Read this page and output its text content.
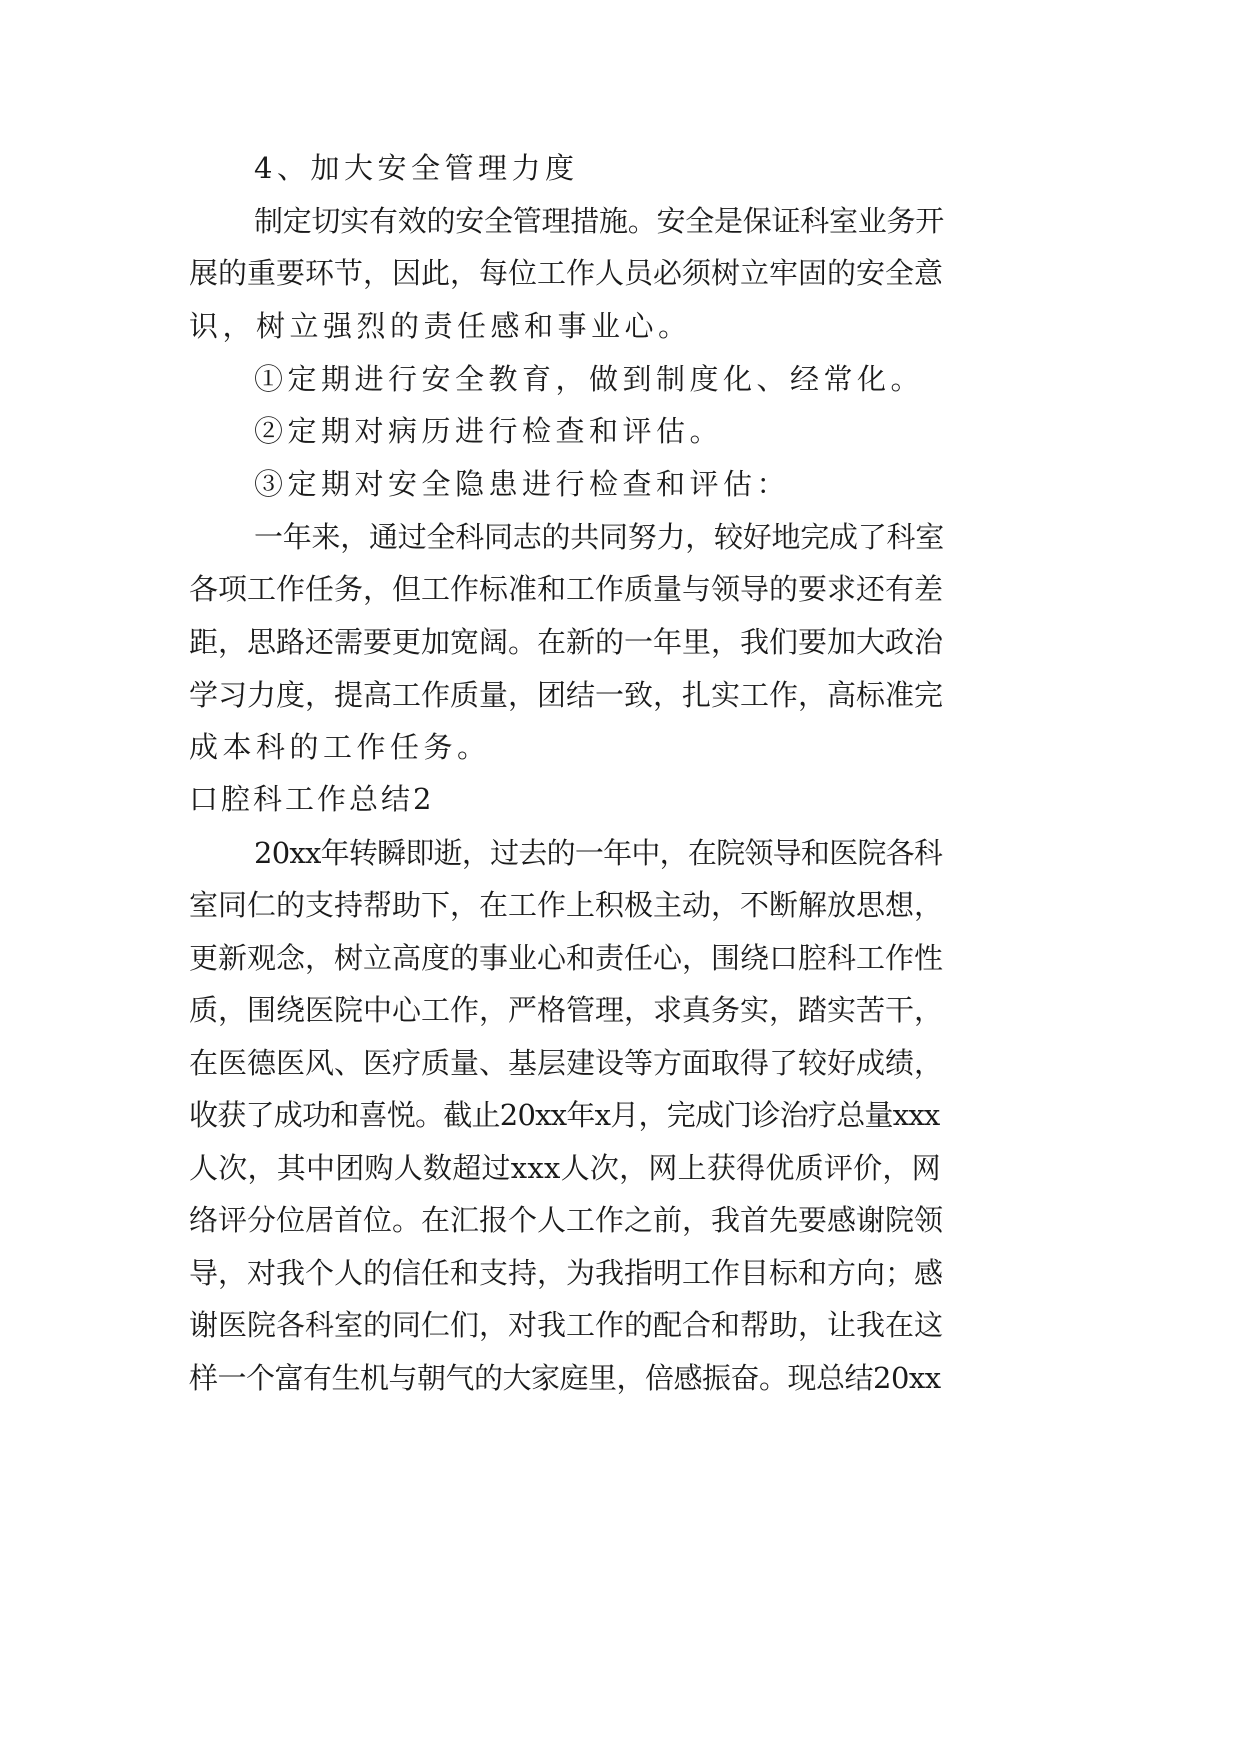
4、加大安全管理力度

制定切实有效的安全管理措施。安全是保证科室业务开

展的重要环节，因此，每位工作人员必须树立牢固的安全意

识，树立强烈的责任感和事业心。

①定期进行安全教育，做到制度化、经常化。

②定期对病历进行检查和评估。

③定期对安全隐患进行检查和评估：

一年来，通过全科同志的共同努力，较好地完成了科室

各项工作任务，但工作标准和工作质量与领导的要求还有差

距，思路还需要更加宽阔。在新的一年里，我们要加大政治

学习力度，提高工作质量，团结一致，扎实工作，高标准完

成本科的工作任务。

口腔科工作总结2

20xx年转瞬即逝，过去的一年中，在院领导和医院各科

室同仁的支持帮助下，在工作上积极主动，不断解放思想，

更新观念，树立高度的事业心和责任心，围绕口腔科工作性

质，围绕医院中心工作，严格管理，求真务实，踏实苦干，

在医德医风、医疗质量、基层建设等方面取得了较好成绩，

收获了成功和喜悦。截止20xx年x月，完成门诊治疗总量xxx

人次，其中团购人数超过xxx人次，网上获得优质评价，网

络评分位居首位。在汇报个人工作之前，我首先要感谢院领

导，对我个人的信任和支持，为我指明工作目标和方向；感

谢医院各科室的同仁们，对我工作的配合和帮助，让我在这

样一个富有生机与朝气的大家庭里，倍感振奋。现总结20xx
